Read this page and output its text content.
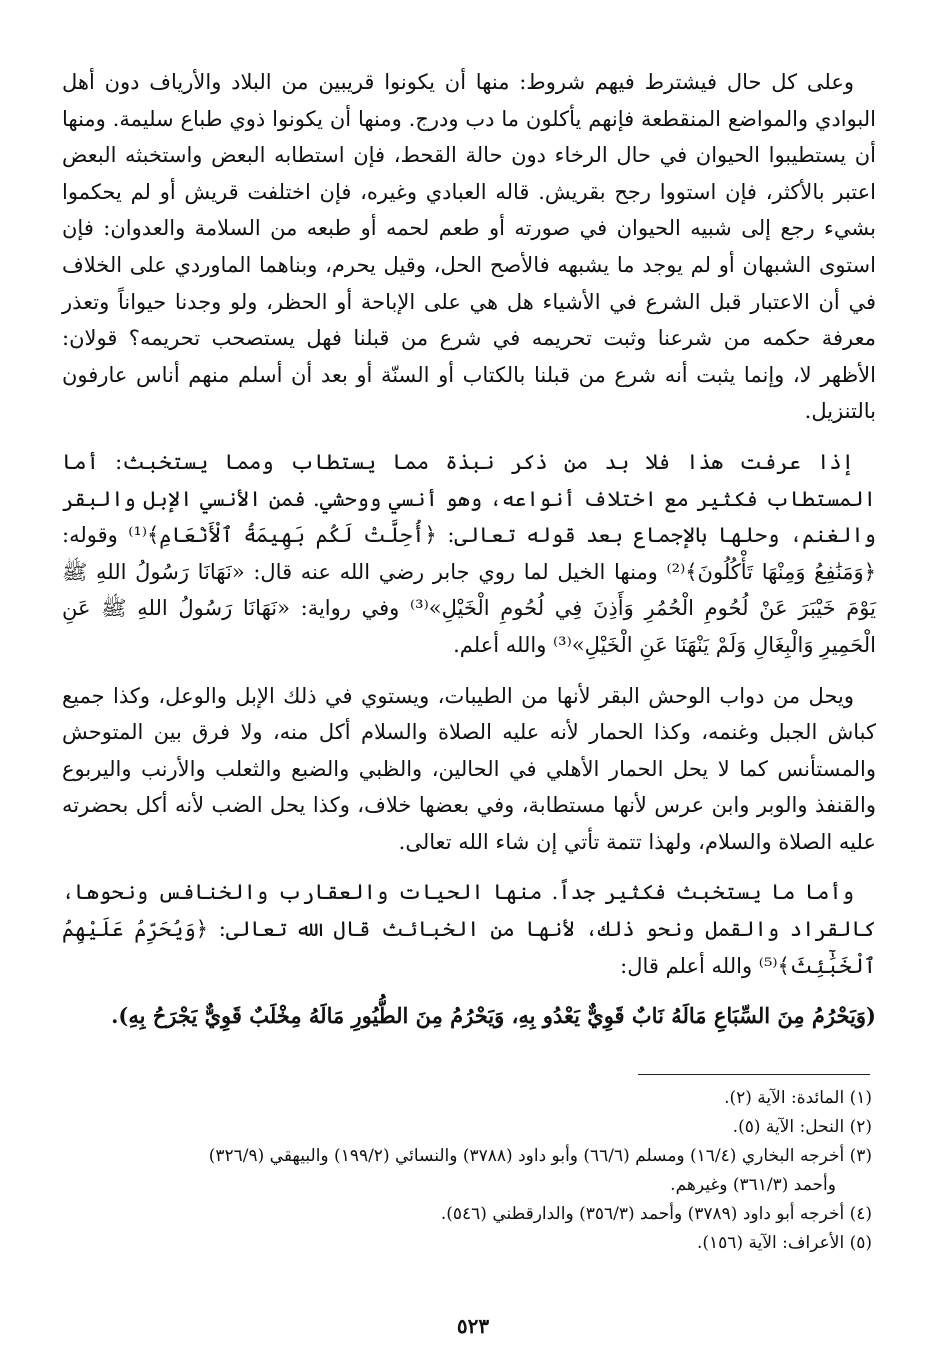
وعلى كل حال فيشترط فيهم شروط: منها أن يكونوا قريبين من البلاد والأرياف دون أهل البوادي والمواضع المنقطعة فإنهم يأكلون ما دب ودرج. ومنها أن يكونوا ذوي طباع سليمة. ومنها أن يستطيبوا الحيوان في حال الرخاء دون حالة القحط، فإن استطابه البعض واستخبثه البعض اعتبر بالأكثر، فإن استووا رجح بقريش. قاله العبادي وغيره، فإن اختلفت قريش أو لم يحكموا بشيء رجع إلى شبيه الحيوان في صورته أو طعم لحمه أو طبعه من السلامة والعدوان: فإن استوى الشبهان أو لم يوجد ما يشبهه فالأصح الحل، وقيل يحرم، وبناهما الماوردي على الخلاف في أن الاعتبار قبل الشرع في الأشياء هل هي على الإباحة أو الحظر، ولو وجدنا حيواناً وتعذر معرفة حكمه من شرعنا وثبت تحريمه في شرع من قبلنا فهل يستصحب تحريمه؟ قولان: الأظهر لا، وإنما يثبت أنه شرع من قبلنا بالكتاب أو السنّة أو بعد أن أسلم منهم أناس عارفون بالتنزيل.

إذا عرفت هذا فلا بد من ذكر نبذة مما يستطاب ومما يستخبث: أما المستطاب فكثير مع اختلاف أنواعه، وهو أنسي ووحشي. فمن الأنسي الإبل والبقر والغنم، وحلها بالإجماع بعد قوله تعالى: ﴿أُحِلَّتْ لَكُم بَهِيمَةُ ٱلْأَنْعَامِ﴾⁽¹⁾ وقوله: ﴿وَمَنَٰفِعُ وَمِنْهَا تَأْكُلُونَ﴾⁽²⁾ ومنها الخيل لما روي جابر رضي الله عنه قال: «نَهَانَا رَسُولُ اللهِ ﷺ يَوْمَ خَيْبَرَ عَنْ لُحُومِ الْحُمُرِ وَأَذِنَ فِي لُحُومِ الْخَيْلِ»⁽³⁾ وفي رواية: «نَهَانَا رَسُولُ اللهِ ﷺ عَنِ الْحَمِيرِ وَالْبِغَالِ وَلَمْ يَنْهَنَا عَنِ الْخَيْلِ»⁽³⁾ والله أعلم.

ويحل من دواب الوحش البقر لأنها من الطيبات، ويستوي في ذلك الإبل والوعل، وكذا جميع كباش الجبل وغنمه، وكذا الحمار لأنه عليه الصلاة والسلام أكل منه، ولا فرق بين المتوحش والمستأنس كما لا يحل الحمار الأهلي في الحالين، والظبي والضبع والثعلب والأرنب واليربوع والقنفذ والوبر وابن عرس لأنها مستطابة، وفي بعضها خلاف، وكذا يحل الضب لأنه أكل بحضرته عليه الصلاة والسلام، ولهذا تتمة تأتي إن شاء الله تعالى.

وأما ما يستخبث فكثير جداً. منها الحيات والعقارب والخنافس ونحوها، كالقراد والقمل ونحو ذلك، لأنها من الخبائث قال الله تعالى: ﴿وَيُحَرِّمُ عَلَيْهِمُ ٱلْخَبَٰٓئِثَ﴾⁽⁵⁾ والله أعلم قال:

(وَيَحْرُمُ مِنَ السِّبَاعِ مَالَهُ نَابٌ قَوِيٌّ يَعْدُو بِهِ، وَيَحْرُمُ مِنَ الطُّيُورِ مَالَهُ مِخْلَبٌ قَوِيٌّ يَجْرَحُ بِهِ).

(١) المائدة: الآية (٢).

(٢) النحل: الآية (٥).

(٣) أخرجه البخاري (١٦/٤) ومسلم (٦٦/٦) وأبو داود (٣٧٨٨) والنسائي (١٩٩/٢) والبيهقي (٣٢٦/٩)

وأحمد (٣٦١/٣) وغيرهم.

(٤) أخرجه أبو داود (٣٧٨٩) وأحمد (٣٥٦/٣) والدارقطني (٥٤٦).

(٥) الأعراف: الآية (١٥٦).

٥٢٣
